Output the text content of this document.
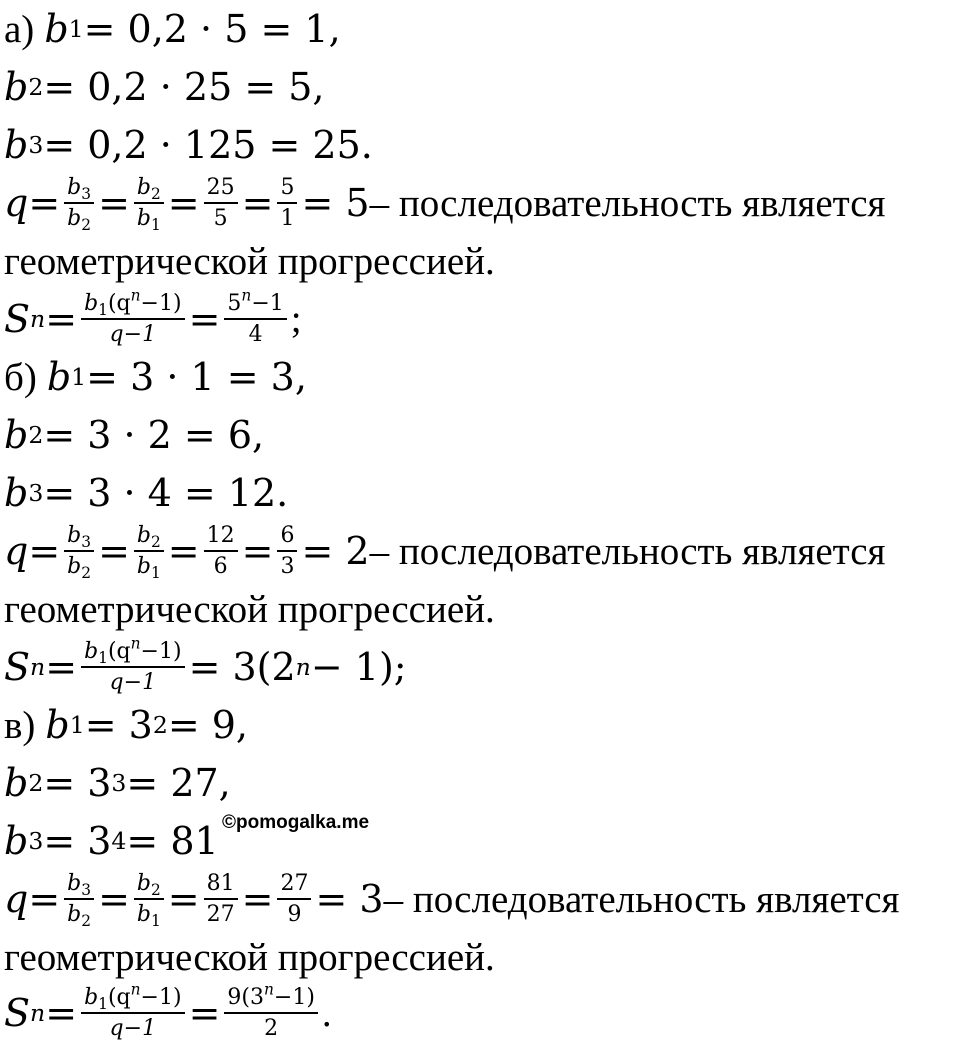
а) b 1 = 0,2 · 5 = 1,
b 2 = 0,2 · 25 = 5,
b 3 = 0,2 · 125 = 25.
$q = \frac{b_3}{b_2} = \frac{b_2}{b_1} = \frac{25}{5} = \frac{5}{1} = 5$ – последовательность является
геометрической прогрессией.
S $n = \frac{b_1(q^n-1)}{q-1} = \frac{5^n-1}{4}$ ;
б) b 1 = 3 · 1 = 3,
b 2 = 3 · 2 = 6,
b 3 = 3 · 4 = 12.
$q = \frac{b_3}{b_2} = \frac{b_2}{b_1} = \frac{12}{6} = \frac{6}{3} = 2$ – последовательность является
геометрической прогрессией.
S $n = \frac{b_1(q^n-1)}{q-1} = 3(2$ n − 1);
в) b 1 = 3 2 = 9,
b 2 = 3 3 = 27,
b 3 = 3 4 = 81 ©pomogalka.me
$q = \frac{b_3}{b_2} = \frac{b_2}{b_1} = \frac{81}{27} = \frac{27}{9} = 3$ – последовательность является
геометрической прогрессией.
S $n = \frac{b_1(q^n-1)}{q-1} = \frac{9(3^n-1)}{2}$ .
